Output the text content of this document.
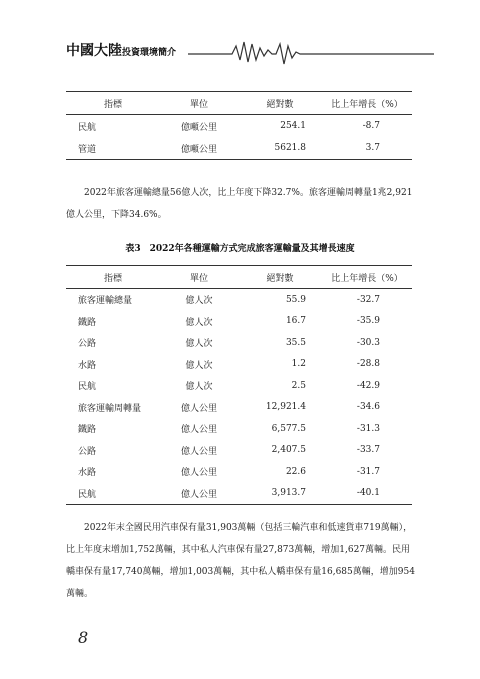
中國大陸投資環境簡介
指標	單位	絕對數	比上年增長（%）
民航	億噸公里	254.1	-8.7
管道	億噸公里	5621.8	3.7

2022年旅客運輸總量56億人次，比上年度下降32.7%。旅客運輸周轉量1兆2,921億人公里，下降34.6%。

表3　2022年各種運輸方式完成旅客運輸量及其增長速度

指標	單位	絕對數	比上年增長（%）
旅客運輸總量	億人次	55.9	-32.7
鐵路	億人次	16.7	-35.9
公路	億人次	35.5	-30.3
水路	億人次	1.2	-28.8
民航	億人次	2.5	-42.9
旅客運輸周轉量	億人公里	12,921.4	-34.6
鐵路	億人公里	6,577.5	-31.3
公路	億人公里	2,407.5	-33.7
水路	億人公里	22.6	-31.7
民航	億人公里	3,913.7	-40.1

2022年末全國民用汽車保有量31,903萬輛（包括三輪汽車和低速貨車719萬輛），比上年度末增加1,752萬輛，其中私人汽車保有量27,873萬輛，增加1,627萬輛。民用轎車保有量17,740萬輛，增加1,003萬輛，其中私人轎車保有量16,685萬輛，增加954萬輛。

8
